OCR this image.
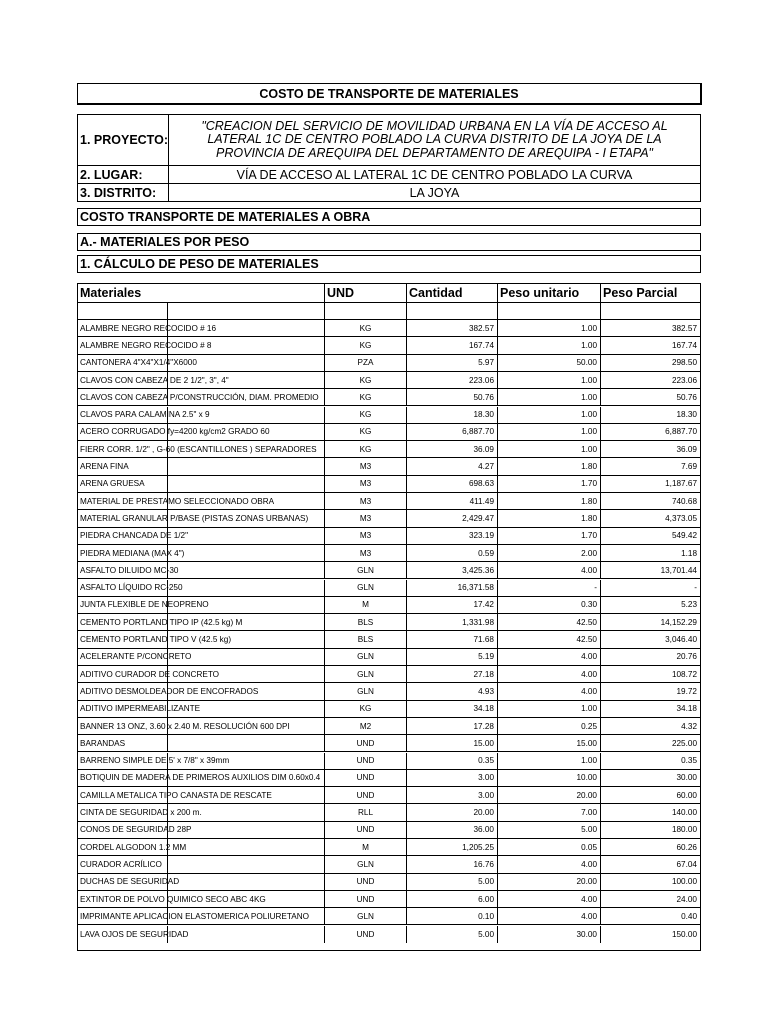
COSTO DE TRANSPORTE DE MATERIALES
1. PROYECTO:
"CREACION DEL SERVICIO DE MOVILIDAD URBANA EN LA VÍA DE ACCESO AL LATERAL 1C DE CENTRO POBLADO LA CURVA DISTRITO DE LA JOYA DE LA PROVINCIA DE AREQUIPA DEL DEPARTAMENTO DE AREQUIPA - I ETAPA"
2. LUGAR:	VÍA DE ACCESO AL LATERAL 1C DE CENTRO POBLADO LA CURVA
3. DISTRITO:	LA JOYA
COSTO TRANSPORTE DE MATERIALES A OBRA
A.- MATERIALES POR PESO
1. CÁLCULO DE PESO DE MATERIALES
Materiales	UND	Cantidad	Peso unitario	Peso Parcial
ALAMBRE NEGRO RECOCIDO # 16	KG	382.57	1.00	382.57
ALAMBRE NEGRO RECOCIDO # 8	KG	167.74	1.00	167.74
CANTONERA 4"X4"X1/4"X6000	PZA	5.97	50.00	298.50
CLAVOS CON CABEZA DE 2 1/2", 3", 4"	KG	223.06	1.00	223.06
CLAVOS CON CABEZA P/CONSTRUCCIÓN, DIAM. PROMEDIO	KG	50.76	1.00	50.76
CLAVOS PARA CALAMINA 2.5" x 9	KG	18.30	1.00	18.30
ACERO CORRUGADO fy=4200 kg/cm2 GRADO 60	KG	6,887.70	1.00	6,887.70
FIERR CORR. 1/2" , G-60 (ESCANTILLONES ) SEPARADORES	KG	36.09	1.00	36.09
ARENA FINA	M3	4.27	1.80	7.69
ARENA GRUESA	M3	698.63	1.70	1,187.67
MATERIAL DE PRESTAMO SELECCIONADO OBRA	M3	411.49	1.80	740.68
MATERIAL GRANULAR P/BASE (PISTAS ZONAS URBANAS)	M3	2,429.47	1.80	4,373.05
PIEDRA CHANCADA DE 1/2"	M3	323.19	1.70	549.42
PIEDRA MEDIANA (MAX 4")	M3	0.59	2.00	1.18
ASFALTO DILUIDO MC-30	GLN	3,425.36	4.00	13,701.44
ASFALTO LÍQUIDO RC-250	GLN	16,371.58	-	-
JUNTA FLEXIBLE DE NEOPRENO	M	17.42	0.30	5.23
CEMENTO PORTLAND TIPO IP (42.5 kg) M	BLS	1,331.98	42.50	14,152.29
CEMENTO PORTLAND TIPO V (42.5 kg)	BLS	71.68	42.50	3,046.40
ACELERANTE P/CONCRETO	GLN	5.19	4.00	20.76
ADITIVO CURADOR DE CONCRETO	GLN	27.18	4.00	108.72
ADITIVO DESMOLDEADOR DE ENCOFRADOS	GLN	4.93	4.00	19.72
ADITIVO IMPERMEABILIZANTE	KG	34.18	1.00	34.18
BANNER 13 ONZ, 3.60 x 2.40 M. RESOLUCIÓN 600 DPI	M2	17.28	0.25	4.32
BARANDAS	UND	15.00	15.00	225.00
BARRENO SIMPLE DE 5' x 7/8" x 39mm	UND	0.35	1.00	0.35
BOTIQUIN DE MADERA DE PRIMEROS AUXILIOS DIM 0.60x0.4	UND	3.00	10.00	30.00
CAMILLA METALICA TIPO CANASTA DE RESCATE	UND	3.00	20.00	60.00
CINTA DE SEGURIDAD x 200 m.	RLL	20.00	7.00	140.00
CONOS DE SEGURIDAD 28P	UND	36.00	5.00	180.00
CORDEL ALGODON 1.2 MM	M	1,205.25	0.05	60.26
CURADOR ACRÍLICO	GLN	16.76	4.00	67.04
DUCHAS DE SEGURIDAD	UND	5.00	20.00	100.00
EXTINTOR DE POLVO QUIMICO SECO ABC 4KG	UND	6.00	4.00	24.00
IMPRIMANTE APLICACION ELASTOMERICA POLIURETANO	GLN	0.10	4.00	0.40
LAVA OJOS DE SEGURIDAD	UND	5.00	30.00	150.00
